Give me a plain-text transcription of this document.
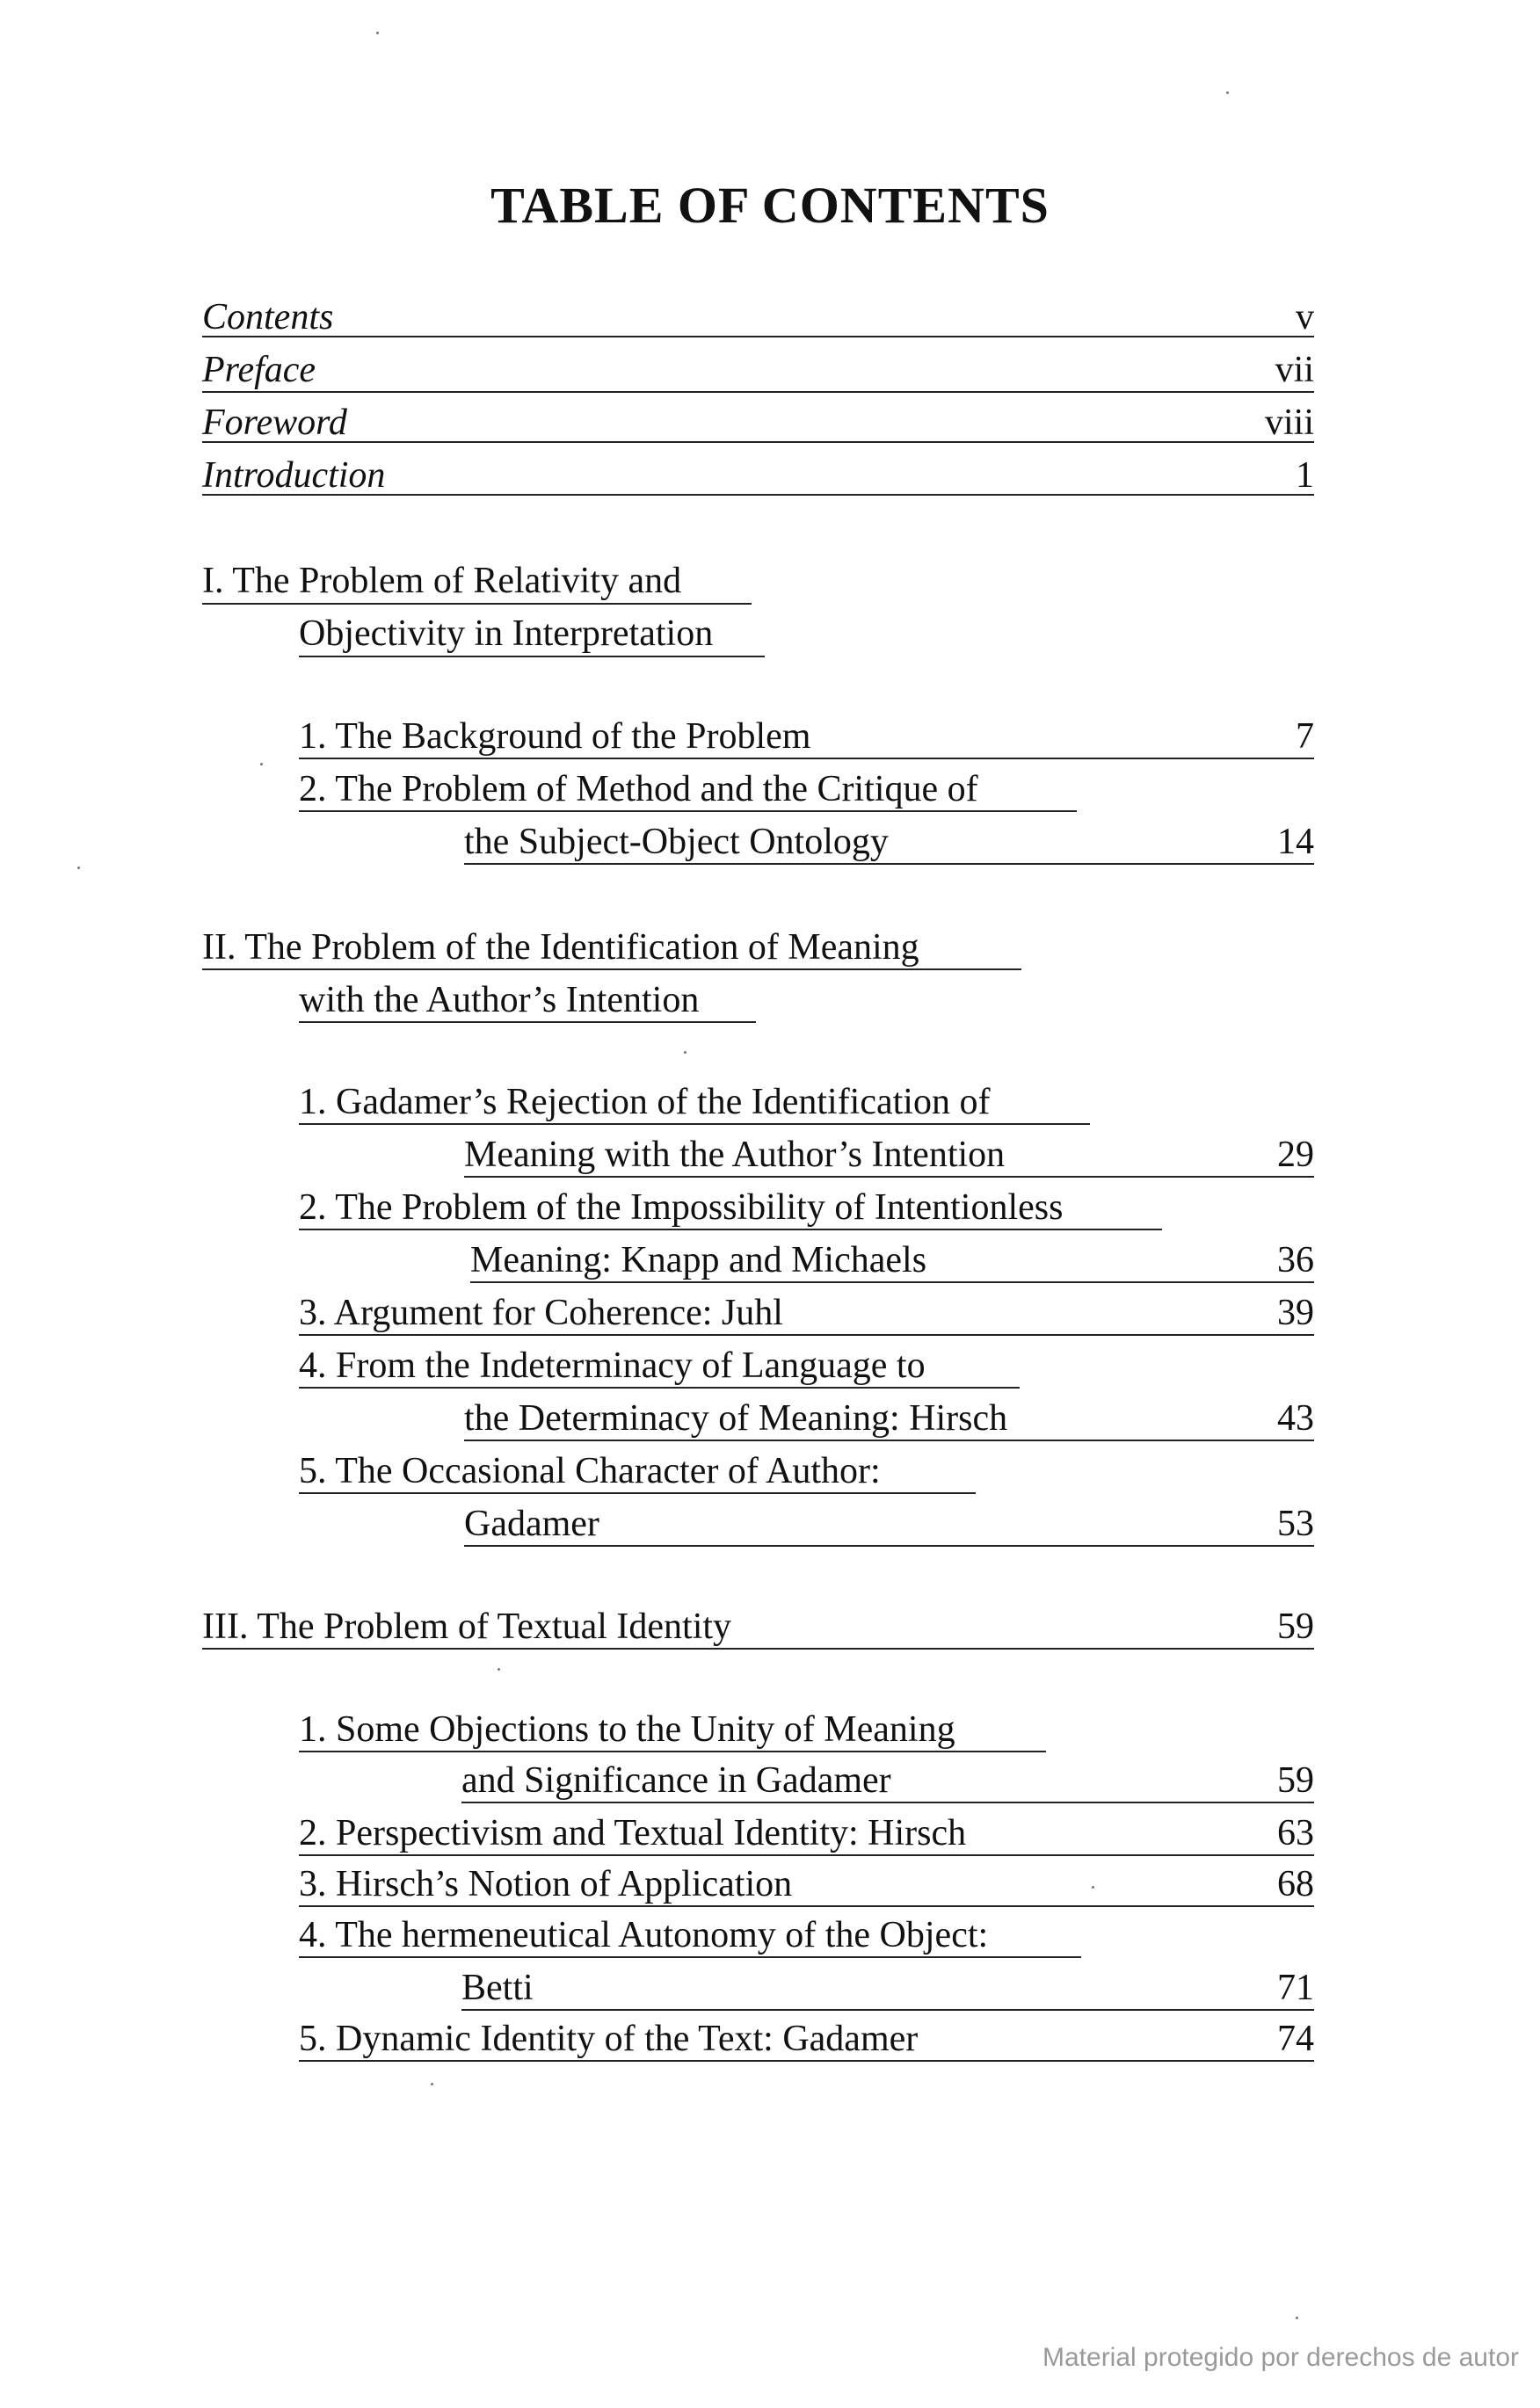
TABLE OF CONTENTS
Contents	v
Preface	vii
Foreword	viii
Introduction	1
I. The Problem of Relativity and
Objectivity in Interpretation
1. The Background of the Problem	7
2. The Problem of Method and the Critique of
the Subject-Object Ontology	14
II. The Problem of the Identification of Meaning
with the Author’s Intention
1. Gadamer’s Rejection of the Identification of
Meaning with the Author’s Intention	29
2. The Problem of the Impossibility of Intentionless
Meaning: Knapp and Michaels	36
3. Argument for Coherence: Juhl	39
4. From the Indeterminacy of Language to
the Determinacy of Meaning: Hirsch	43
5. The Occasional Character of Author:
Gadamer	53
III. The Problem of Textual Identity	59
1. Some Objections to the Unity of Meaning
and Significance in Gadamer	59
2. Perspectivism and Textual Identity: Hirsch	63
3. Hirsch’s Notion of Application	68
4. The hermeneutical Autonomy of the Object:
Betti	71
5. Dynamic Identity of the Text: Gadamer	74
Material protegido por derechos de autor
